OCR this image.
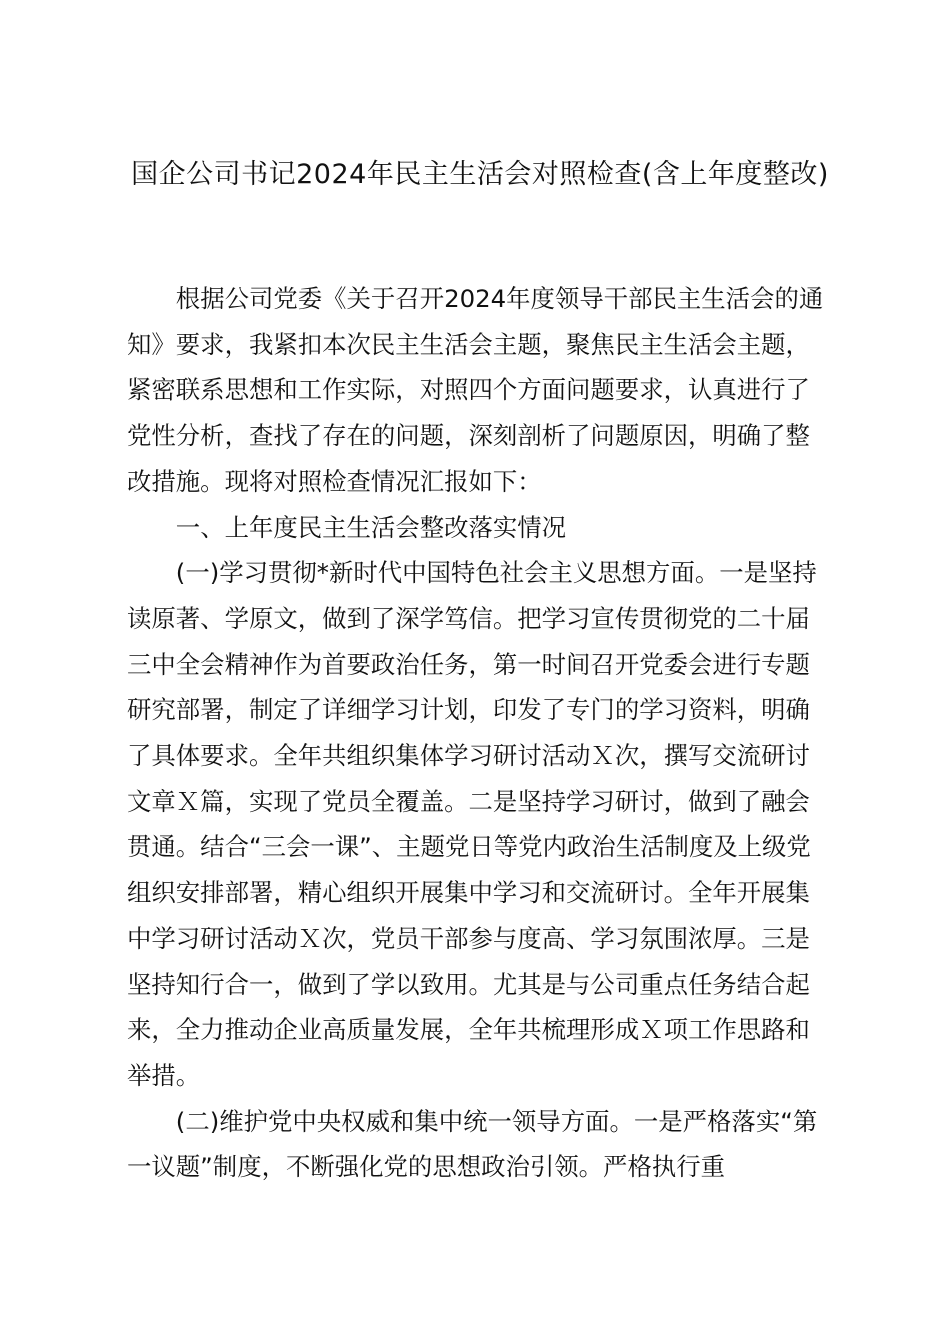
国企公司书记2024年民主生活会对照检查(含上年度整改)

根据公司党委《关于召开2024年度领导干部民主生活会的通知》要求，我紧扣本次民主生活会主题，聚焦民主生活会主题，紧密联系思想和工作实际，对照四个方面问题要求，认真进行了党性分析，查找了存在的问题，深刻剖析了问题原因，明确了整改措施。现将对照检查情况汇报如下：

一、上年度民主生活会整改落实情况

(一)学习贯彻*新时代中国特色社会主义思想方面。一是坚持读原著、学原文，做到了深学笃信。把学习宣传贯彻党的二十届三中全会精神作为首要政治任务，第一时间召开党委会进行专题研究部署，制定了详细学习计划，印发了专门的学习资料，明确了具体要求。全年共组织集体学习研讨活动Ｘ次，撰写交流研讨文章Ｘ篇，实现了党员全覆盖。二是坚持学习研讨，做到了融会贯通。结合“三会一课”、主题党日等党内政治生活制度及上级党组织安排部署，精心组织开展集中学习和交流研讨。全年开展集中学习研讨活动Ｘ次，党员干部参与度高、学习氛围浓厚。三是坚持知行合一，做到了学以致用。尤其是与公司重点任务结合起来，全力推动企业高质量发展，全年共梳理形成Ｘ项工作思路和举措。

(二)维护党中央权威和集中统一领导方面。一是严格落实“第一议题”制度，不断强化党的思想政治引领。严格执行重
